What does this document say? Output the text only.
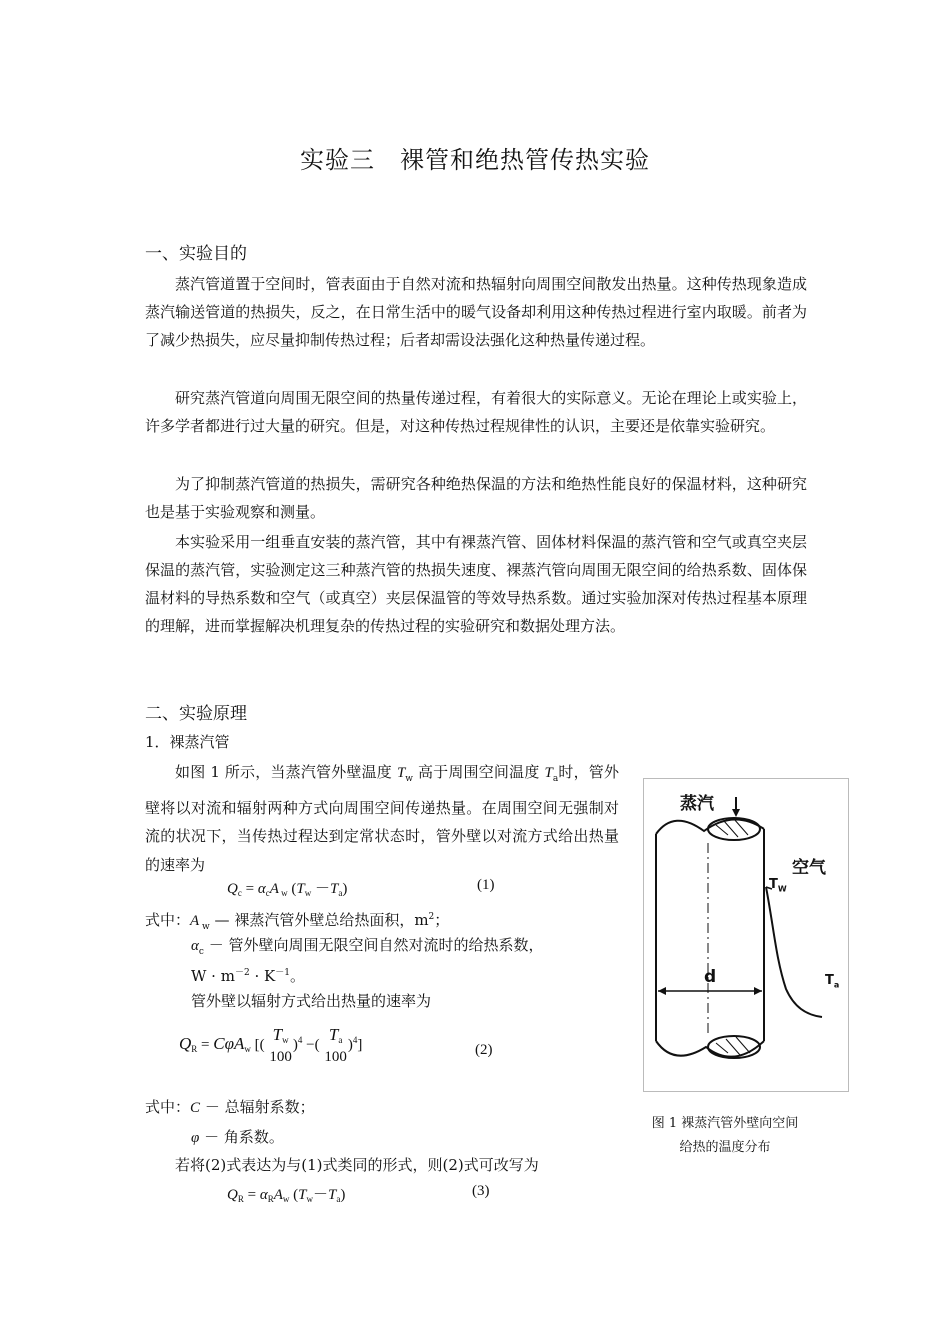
实验三　裸管和绝热管传热实验
一、实验目的
蒸汽管道置于空间时，管表面由于自然对流和热辐射向周围空间散发出热量。这种传热现象造成蒸汽输送管道的热损失，反之，在日常生活中的暖气设备却利用这种传热过程进行室内取暖。前者为了减少热损失，应尽量抑制传热过程；后者却需设法强化这种热量传递过程。
研究蒸汽管道向周围无限空间的热量传递过程，有着很大的实际意义。无论在理论上或实验上，许多学者都进行过大量的研究。但是，对这种传热过程规律性的认识，主要还是依靠实验研究。
为了抑制蒸汽管道的热损失，需研究各种绝热保温的方法和绝热性能良好的保温材料，这种研究也是基于实验观察和测量。
本实验采用一组垂直安装的蒸汽管，其中有裸蒸汽管、固体材料保温的蒸汽管和空气或真空夹层保温的蒸汽管，实验测定这三种蒸汽管的热损失速度、裸蒸汽管向周围无限空间的给热系数、固体保温材料的导热系数和空气（或真空）夹层保温管的等效导热系数。通过实验加深对传热过程基本原理的理解，进而掌握解决机理复杂的传热过程的实验研究和数据处理方法。
二、实验原理
1．裸蒸汽管
如图 1 所示，当蒸汽管外壁温度 $T_w$ 高于周围空间温度 $T_a$时，管外壁将以对流和辐射两种方式向周围空间传递热量。在周围空间无强制对流的状况下，当传热过程达到定常状态时，管外壁以对流方式给出热量的速率为
$Q_c = \alpha_cA$ $_w$ $(T_w -T_a)$	(1)
式中：A $_w$ — 裸蒸汽管外壁总给热面积，$m^2$；
$\alpha_c$ － 管外壁向周围无限空间自然对流时的给热系数，
$W \cdot m^{-2} \cdot K^{-1}$。
管外壁以辐射方式给出热量的速率为
$Q_R = C\varphi A_w$ [(
$T_w$
100
)$^4$ −(
$T_a$
100
)$^4$]	(2)
式中：C － 总辐射系数；
φ － 角系数。
若将(2)式表达为与(1)式类同的形式，则(2)式可改写为
$Q_R = \alpha_RA_w$ $(T_w-T_a)$	(3)
蒸汽
空气
$T_W$
$T_a$
d
图 1 裸蒸汽管外壁向空间
给热的温度分布
